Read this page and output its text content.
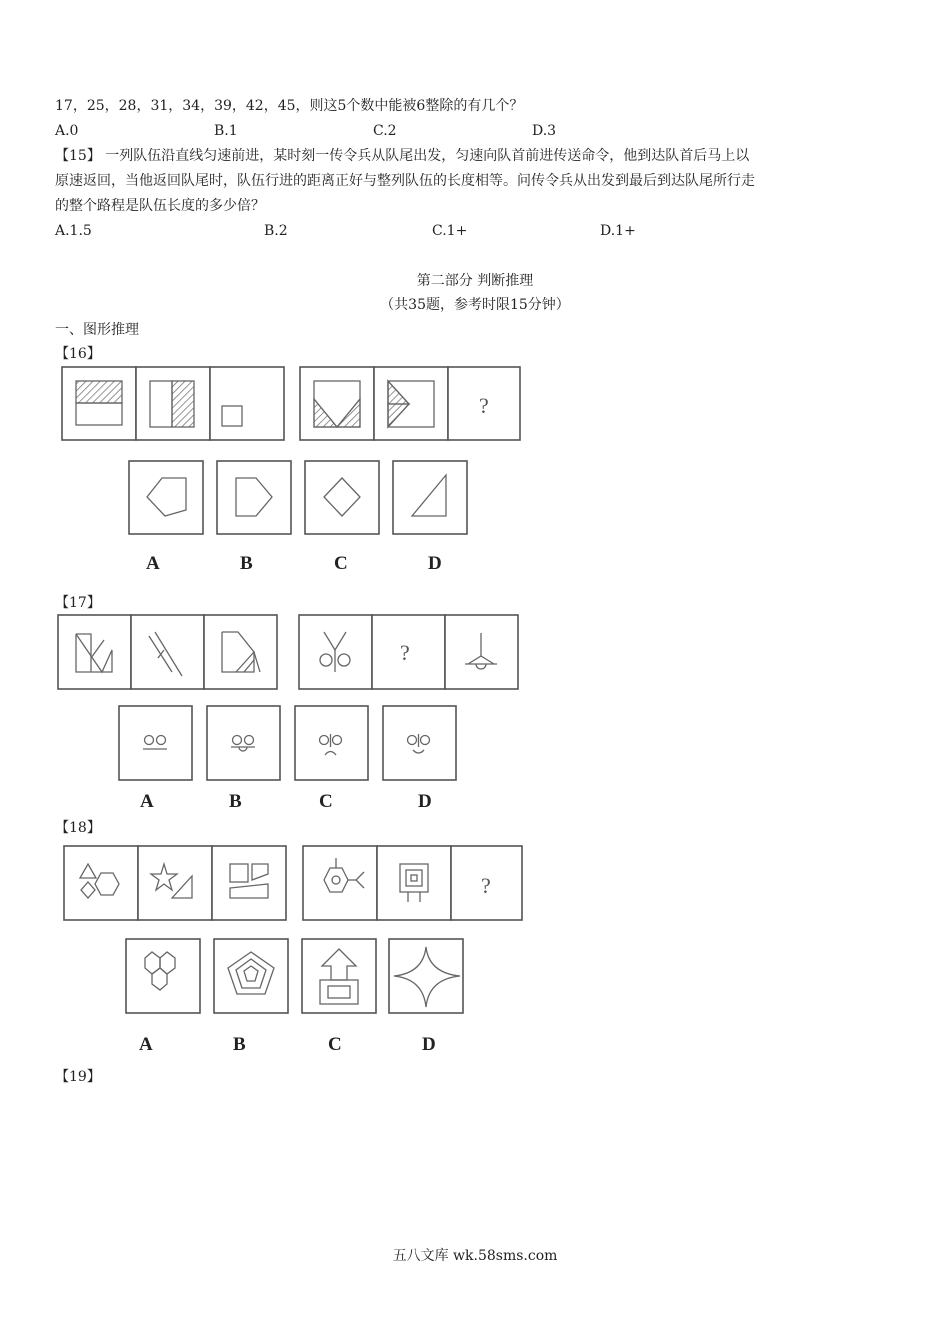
17，25，28，31，34，39，42，45，则这5个数中能被6整除的有几个？
A.0	B.1	C.2	D.3
【15】 一列队伍沿直线匀速前进，某时刻一传令兵从队尾出发，匀速向队首前进传送命令，他到达队首后马上以
原速返回，当他返回队尾时，队伍行进的距离正好与整列队伍的长度相等。问传令兵从出发到最后到达队尾所行走
的整个路程是队伍长度的多少倍？
A.1.5	B.2	C.1+	D.1+
第二部分 判断推理
（共35题，参考时限15分钟）
一、图形推理
【16】
?
A	B	C	D
【17】
?
A	B	C	D
【18】
?
A	B	C	D
【19】
五八文库 wk.58sms.com
